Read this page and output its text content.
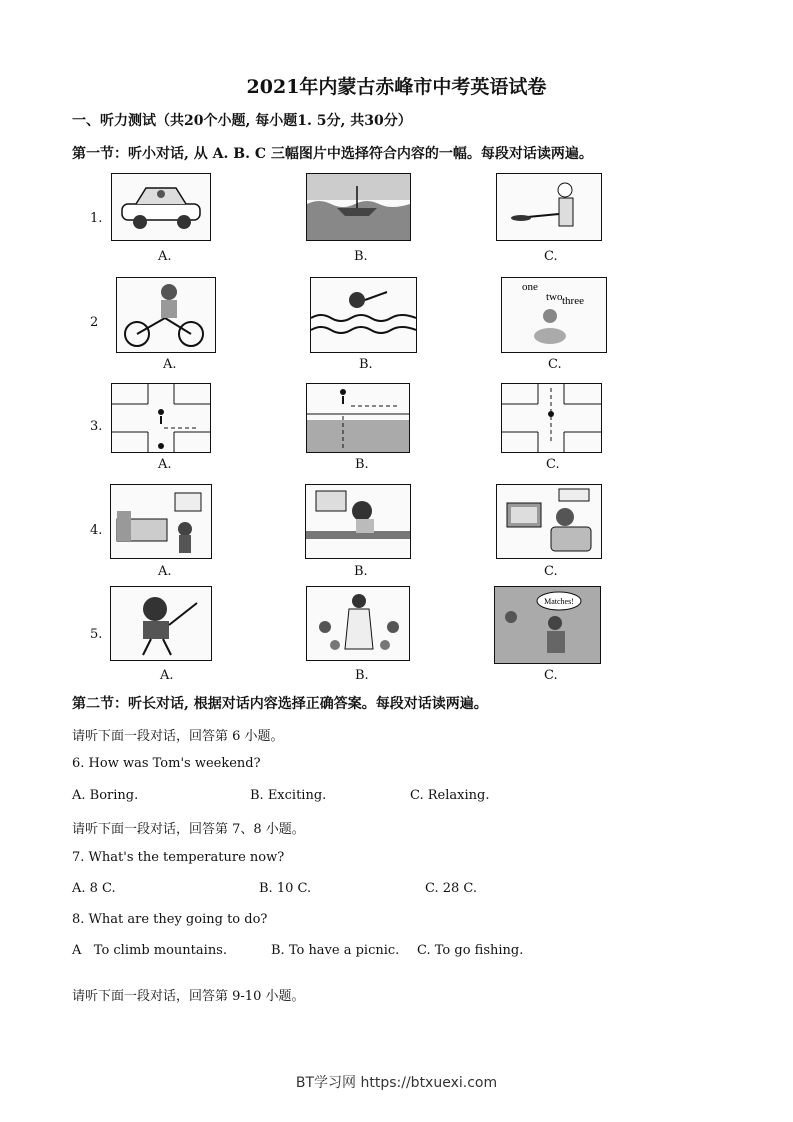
2021年内蒙古赤峰市中考英语试卷
一、听力测试（共20个小题, 每小题1. 5分, 共30分）
第一节：听小对话, 从 A. B. C 三幅图片中选择符合内容的一幅。每段对话读两遍。
1.
A.	B.	C.
2
one
two three
A.	B.	C.
3.
A.	B.	C.
4.
A.	B.	C.
5.
Matches!
A.	B.	C.
第二节：听长对话, 根据对话内容选择正确答案。每段对话读两遍。
请听下面一段对话，回答第 6 小题。
6. How was Tom's weekend?
A. Boring.	B. Exciting.	C. Relaxing.
请听下面一段对话，回答第 7、8 小题。
7. What's the temperature now?
A. 8 C.	B. 10 C.	C. 28 C.
8. What are they going to do?
A   To climb mountains.	B. To have a picnic. C. To go fishing.
请听下面一段对话，回答第 9-10 小题。
BT学习网 https://btxuexi.com
